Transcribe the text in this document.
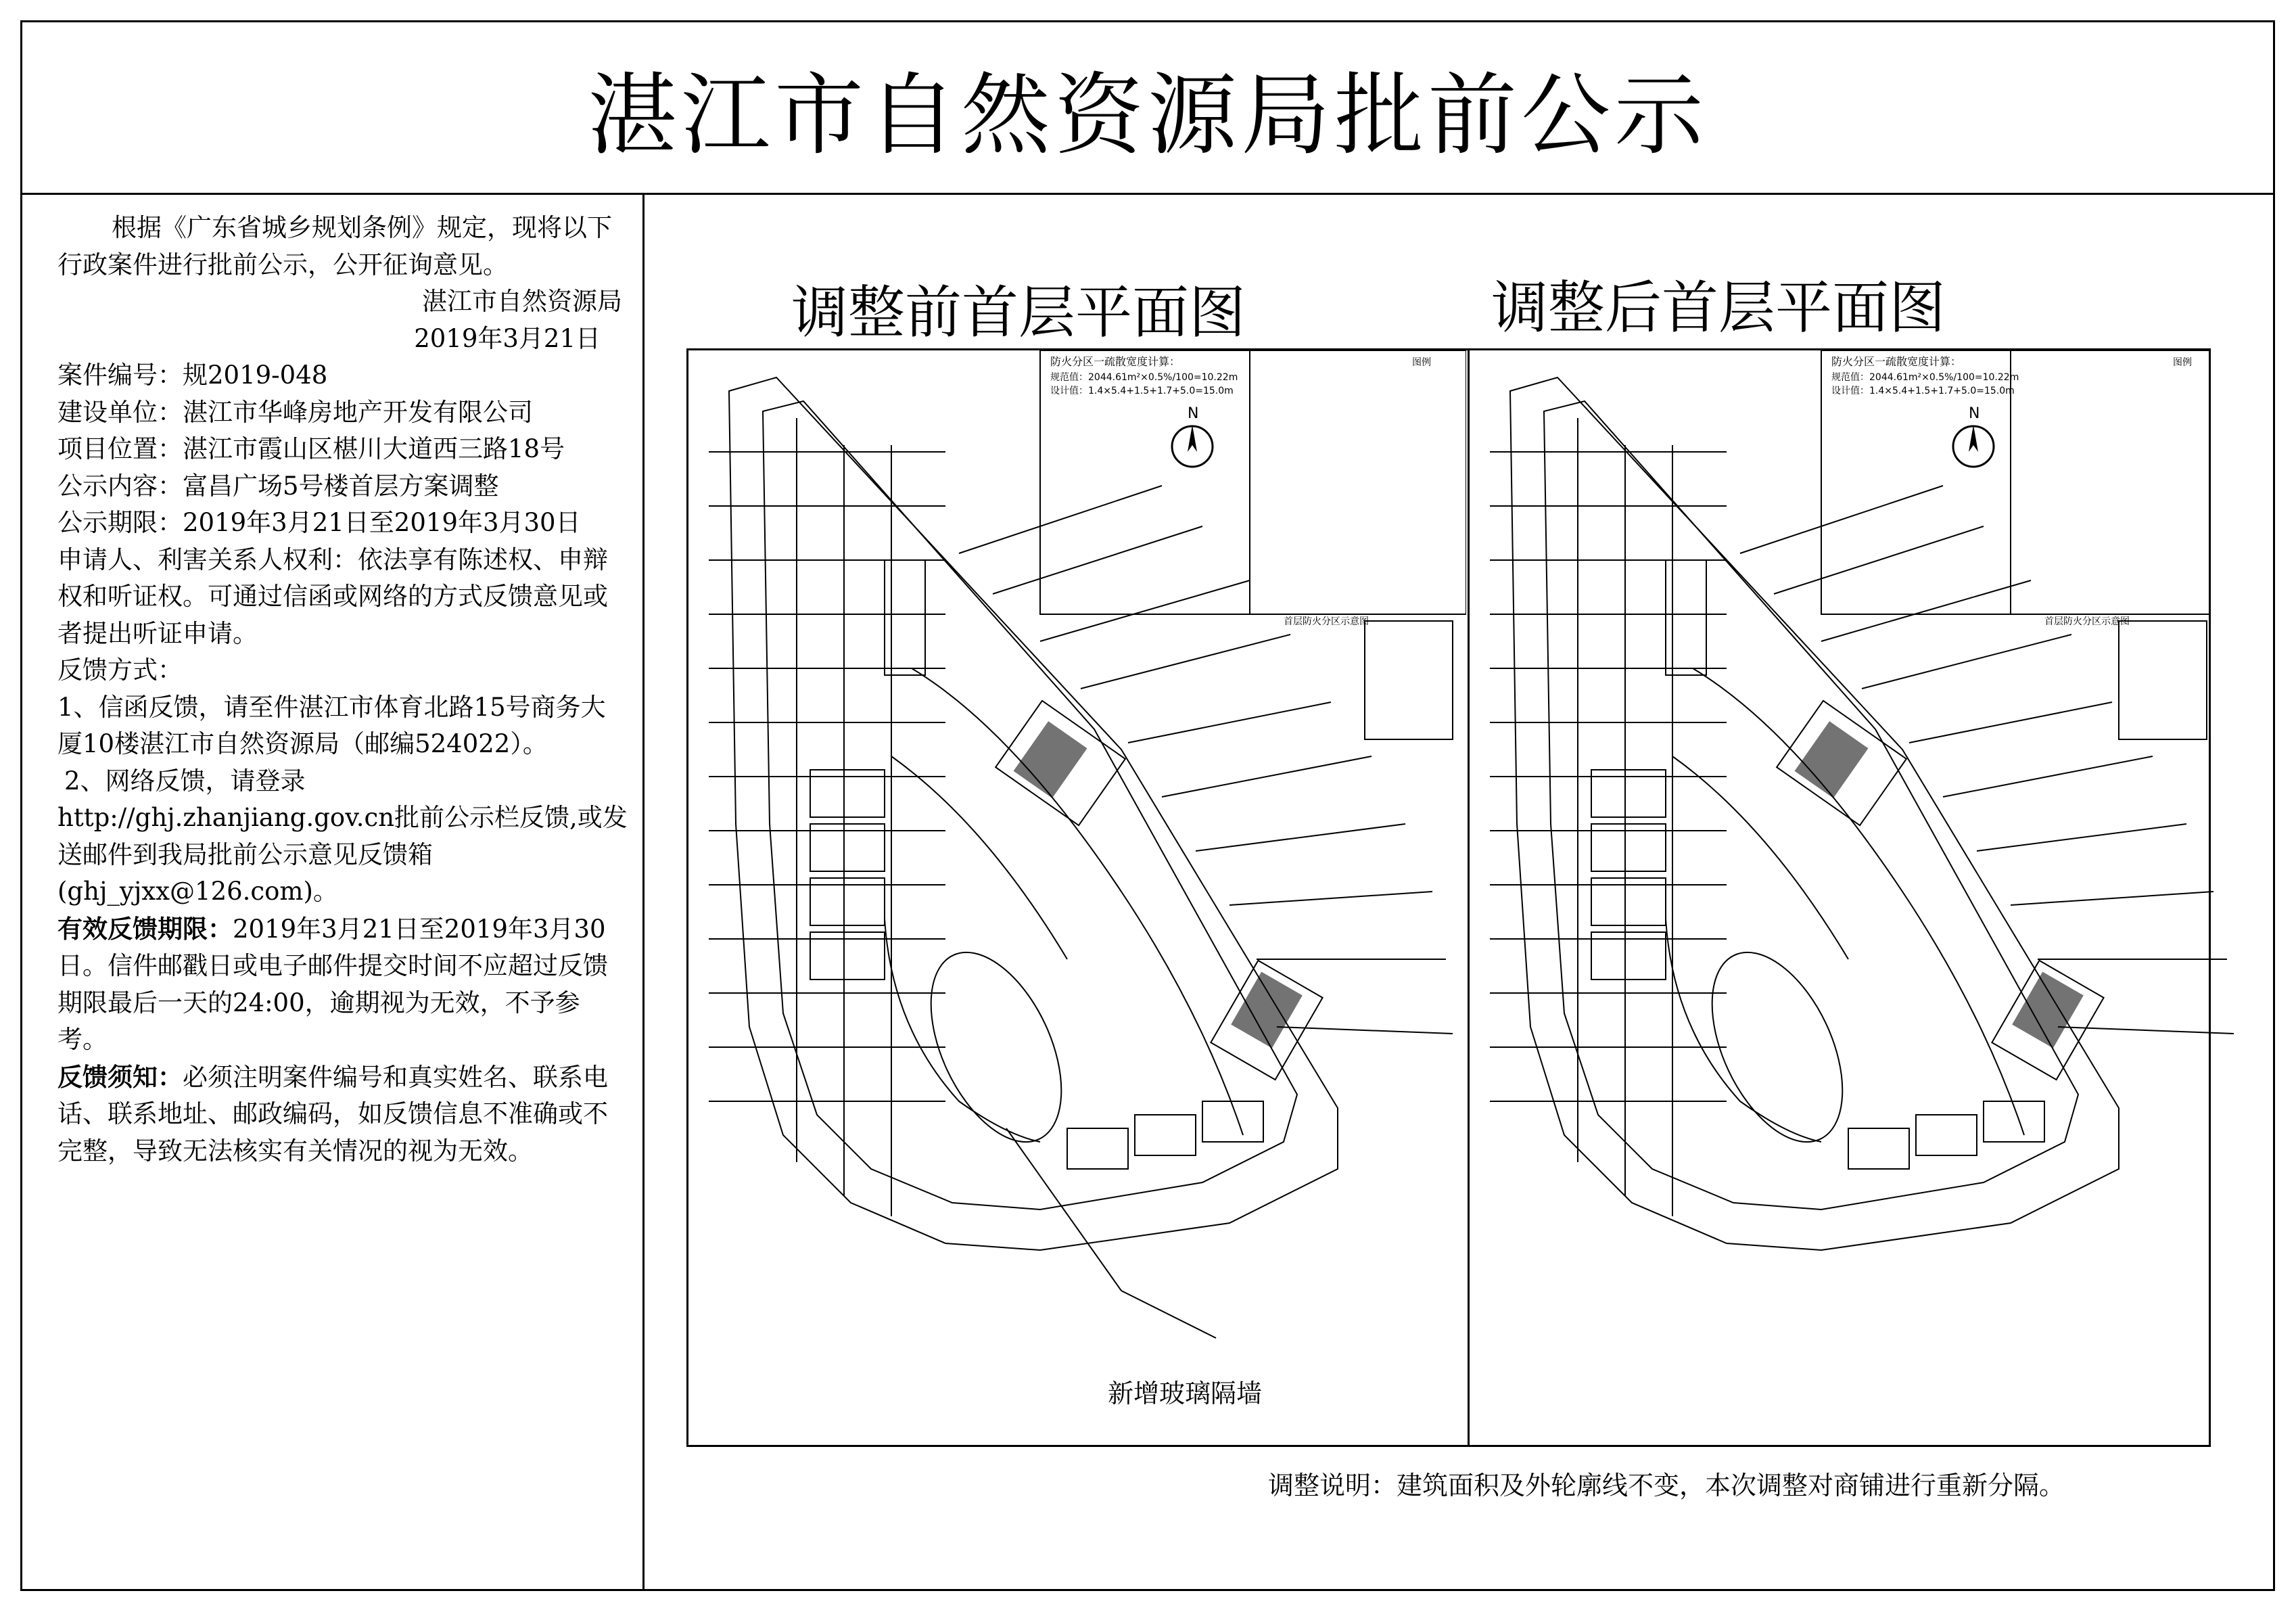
湛江市自然资源局批前公示

根据《广东省城乡规划条例》规定，现将以下行政案件进行批前公示，公开征询意见。

湛江市自然资源局

2019年3月21日

案件编号：规2019-048

建设单位：湛江市华峰房地产开发有限公司

项目位置：湛江市霞山区椹川大道西三路18号

公示内容：富昌广场5号楼首层方案调整

公示期限：2019年3月21日至2019年3月30日

申请人、利害关系人权利：依法享有陈述权、申辩权和听证权。可通过信函或网络的方式反馈意见或者提出听证申请。

反馈方式：

1、信函反馈，请至件湛江市体育北路15号商务大厦10楼湛江市自然资源局（邮编524022）。

2、网络反馈，请登录

http://ghj.zhanjiang.gov.cn批前公示栏反馈,或发送邮件到我局批前公示意见反馈箱(ghj_yjxx@126.com)。

有效反馈期限：2019年3月21日至2019年3月30日。信件邮戳日或电子邮件提交时间不应超过反馈期限最后一天的24:00，逾期视为无效，不予参考。

反馈须知：必须注明案件编号和真实姓名、联系电话、联系地址、邮政编码，如反馈信息不准确或不完整，导致无法核实有关情况的视为无效。

调整前首层平面图	调整后首层平面图
N
防火分区一疏散宽度计算：
规范值：2044.61m²×0.5%/100=10.22m
设计值：1.4×5.4+1.5+1.7+5.0=15.0m
图例
首层防火分区示意图
新增玻璃隔墙
N
防火分区一疏散宽度计算：
规范值：2044.61m²×0.5%/100=10.22m
设计值：1.4×5.4+1.5+1.7+5.0=15.0m
图例
首层防火分区示意图
调整说明：建筑面积及外轮廓线不变，本次调整对商铺进行重新分隔。
